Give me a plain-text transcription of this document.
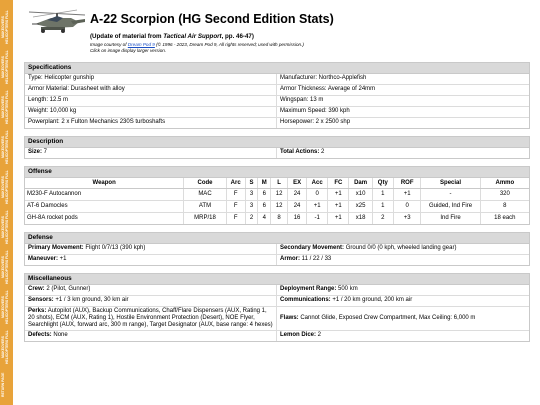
MAKEOVERS HELICOPTERS FULL
MAKEOVERS HELICOPTERS FULL
MAKEOVERS HELICOPTERS FULL
MAKEOVERS HELICOPTERS FULL
MAKEOVERS HELICOPTERS FULL
MAKEOVERS HELICOPTERS FULL
MAKEOVERS HELICOPTERS FULL
MAKEOVERS HELICOPTERS FULL
MAKEOVERS HELICOPTERS FULL
RETURN PAGE
A-22 Scorpion (HG Second Edition Stats)
(Update of material from Tactical Air Support, pp. 46-47)
Image courtesy of Dream Pod 9 (© 1996 - 2023, Dream Pod 9, All rights reserved; used with permission.)
Click on image display larger version.
Specifications
Type: Helicopter gunship	Manufacturer: Northco-Applefish
Armor Material: Durasheet with alloy	Armor Thickness: Average of 24mm
Length: 12.5 m	Wingspan: 13 m
Weight: 10,000 kg	Maximum Speed: 390 kph
Powerplant: 2 x Fulton Mechanics 230S turboshafts	Horsepower: 2 x 2500 shp
Description
Size: 7	Total Actions: 2
Offense
Weapon	Code	Arc	S	M	L	EX	Acc	FC	Dam	Qty	ROF	Special	Ammo
M230-F Autocannon	MAC	F	3	6	12	24	0	+1	x10	1	+1	-	320
AT-6 Damocles	ATM	F	3	6	12	24	+1	+1	x25	1	0	Guided, Ind Fire	8
GH-8A rocket pods	MRP/18	F	2	4	8	16	-1	+1	x18	2	+3	Ind Fire	18 each
Defense
Primary Movement: Flight 0/7/13 (390 kph)	Secondary Movement: Ground 0/0 (0 kph, wheeled landing gear)
Maneuver: +1	Armor: 11 / 22 / 33
Miscellaneous
Crew: 2 (Pilot, Gunner)	Deployment Range: 500 km
Sensors: +1 / 3 km ground, 30 km air	Communications: +1 / 20 km ground, 200 km air
Perks: Autopilot (AUX), Backup Communications, Chaff/Flare Dispensers (AUX, Rating 1, 20 shots), ECM (AUX, Rating 1), Hostile Environment Protection (Desert), NOE Flyer, Searchlight (AUX, forward arc, 300 m range), Target Designator (AUX, base range: 4 hexes)
Flaws: Cannot Glide, Exposed Crew Compartment, Max Ceiling: 6,000 m
Defects: None	Lemon Dice: 2
